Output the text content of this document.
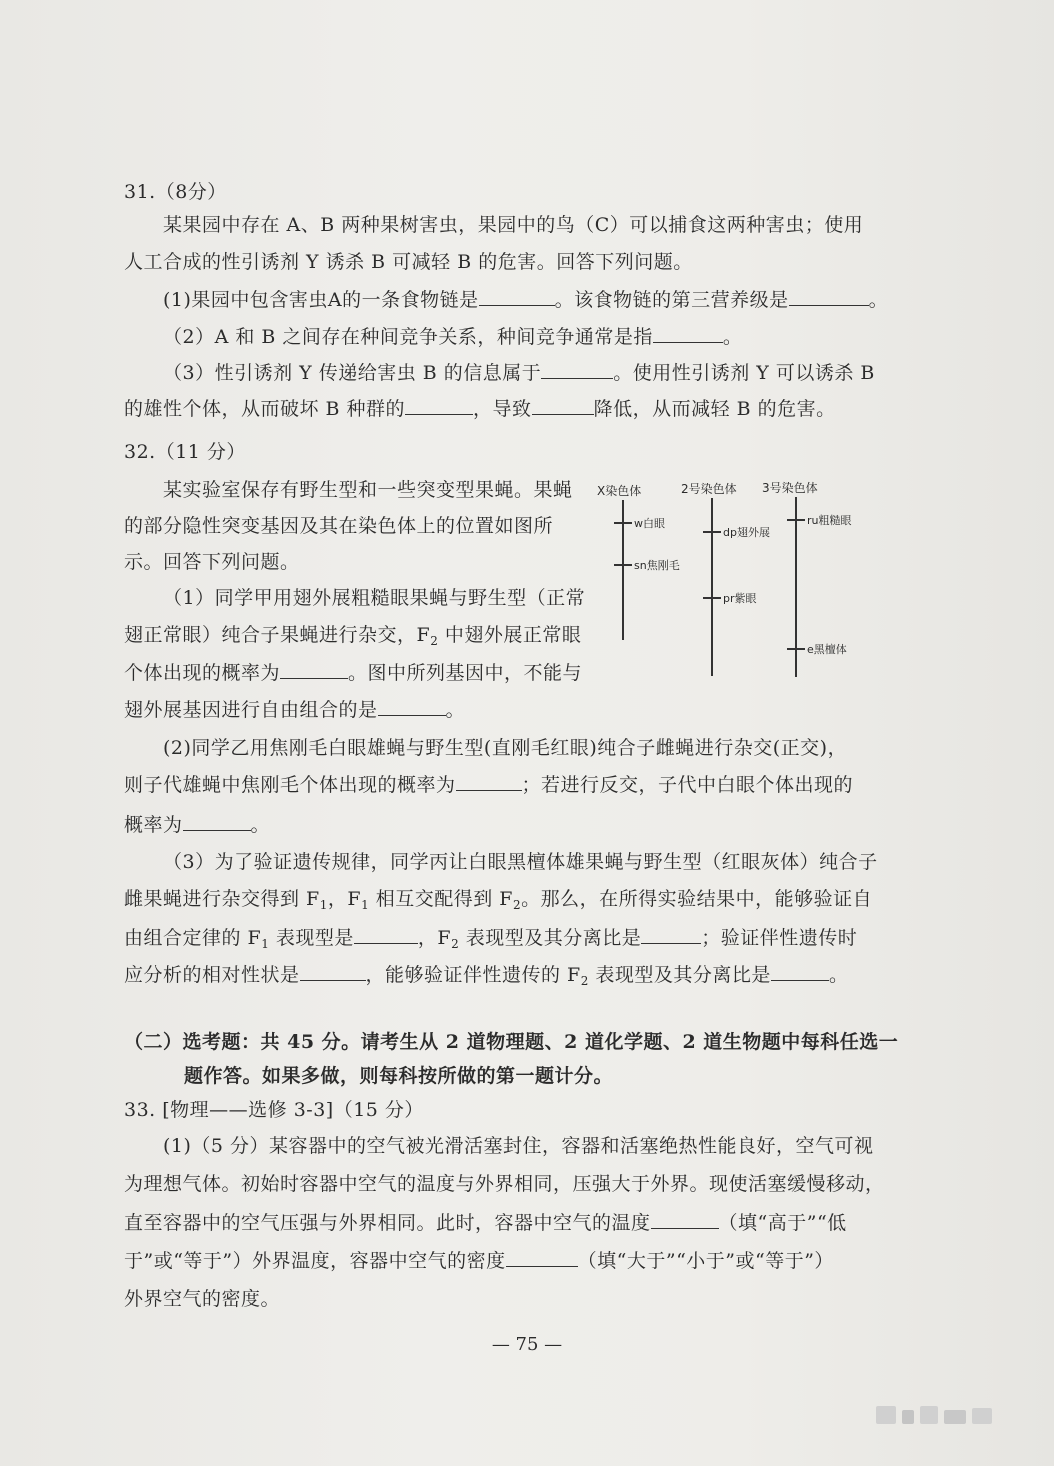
31.（8分）
某果园中存在 A、B 两种果树害虫，果园中的鸟（C）可以捕食这两种害虫；使用
人工合成的性引诱剂 Y 诱杀 B 可减轻 B 的危害。回答下列问题。
(1)果园中包含害虫A的一条食物链是	。该食物链的第三营养级是	。
（2）A 和 B 之间存在种间竞争关系，种间竞争通常是指	。
（3）性引诱剂 Y 传递给害虫 B 的信息属于	。使用性引诱剂 Y 可以诱杀 B
的雄性个体，从而破坏 B 种群的	，导致	降低，从而减轻 B 的危害。
32.（11 分）
某实验室保存有野生型和一些突变型果蝇。果蝇
的部分隐性突变基因及其在染色体上的位置如图所
示。回答下列问题。
X染色体	2号染色体 3号染色体
w白眼
sn焦刚毛
dp翅外展
pr紫眼
ru粗糙眼
e黑檀体
（1）同学甲用翅外展粗糙眼果蝇与野生型（正常
翅正常眼）纯合子果蝇进行杂交，$F_2$ 中翅外展正常眼
个体出现的概率为	。图中所列基因中，不能与
翅外展基因进行自由组合的是	。
(2)同学乙用焦刚毛白眼雄蝇与野生型(直刚毛红眼)纯合子雌蝇进行杂交(正交)，
则子代雄蝇中焦刚毛个体出现的概率为	；若进行反交，子代中白眼个体出现的
概率为	。
（3）为了验证遗传规律，同学丙让白眼黑檀体雄果蝇与野生型（红眼灰体）纯合子
雌果蝇进行杂交得到 $F_1$，$F_1$ 相互交配得到 $F_2$。那么，在所得实验结果中，能够验证自
由组合定律的 $F_1$ 表现型是	，$F_2$ 表现型及其分离比是	；验证伴性遗传时
应分析的相对性状是	，能够验证伴性遗传的 $F_2$ 表现型及其分离比是	。
（二）选考题：共 45 分。请考生从 2 道物理题、2 道化学题、2 道生物题中每科任选一
题作答。如果多做，则每科按所做的第一题计分。
33. [物理——选修 3-3]（15 分）
(1)（5 分）某容器中的空气被光滑活塞封住，容器和活塞绝热性能良好，空气可视
为理想气体。初始时容器中空气的温度与外界相同，压强大于外界。现使活塞缓慢移动，
直至容器中的空气压强与外界相同。此时，容器中空气的温度	（填“高于”“低
于”或“等于”）外界温度，容器中空气的密度	（填“大于”“小于”或“等于”）
外界空气的密度。
— 75 —
